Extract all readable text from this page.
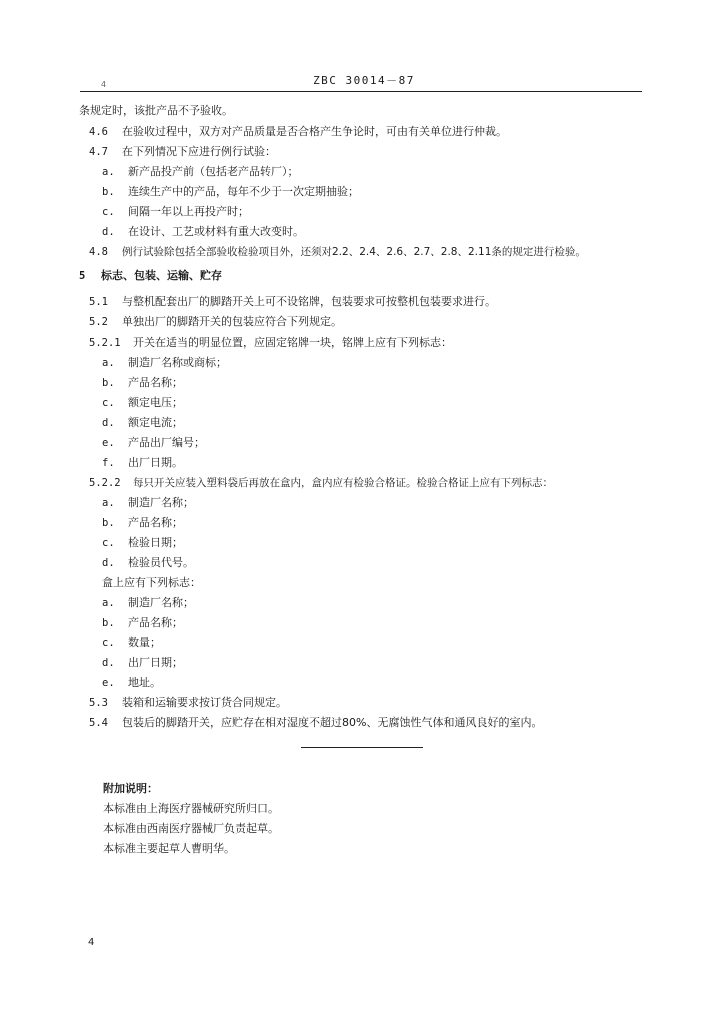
ZBC 30014－87
4
条规定时，该批产品不予验收。
4.6 在验收过程中，双方对产品质量是否合格产生争论时，可由有关单位进行仲裁。
4.7 在下列情况下应进行例行试验：
a. 新产品投产前（包括老产品转厂）；
b. 连续生产中的产品，每年不少于一次定期抽验；
c. 间隔一年以上再投产时；
d. 在设计、工艺或材料有重大改变时。
4.8 例行试验除包括全部验收检验项目外，还须对2.2、2.4、2.6、2.7、2.8、2.11条的规定进行检验。
5 标志、包装、运输、贮存
5.1 与整机配套出厂的脚踏开关上可不设铭牌，包装要求可按整机包装要求进行。
5.2 单独出厂的脚踏开关的包装应符合下列规定。
5.2.1 开关在适当的明显位置，应固定铭牌一块，铭牌上应有下列标志：
a. 制造厂名称或商标；
b. 产品名称；
c. 额定电压；
d. 额定电流；
e. 产品出厂编号；
f. 出厂日期。
5.2.2 每只开关应装入塑料袋后再放在盒内，盒内应有检验合格证。检验合格证上应有下列标志：
a. 制造厂名称；
b. 产品名称；
c. 检验日期；
d. 检验员代号。
盒上应有下列标志：
a. 制造厂名称；
b. 产品名称；
c. 数量；
d. 出厂日期；
e. 地址。
5.3 装箱和运输要求按订货合同规定。
5.4 包装后的脚踏开关，应贮存在相对湿度不超过80%、无腐蚀性气体和通风良好的室内。
附加说明：
本标准由上海医疗器械研究所归口。
本标准由西南医疗器械厂负责起草。
本标准主要起草人曹明华。
4
